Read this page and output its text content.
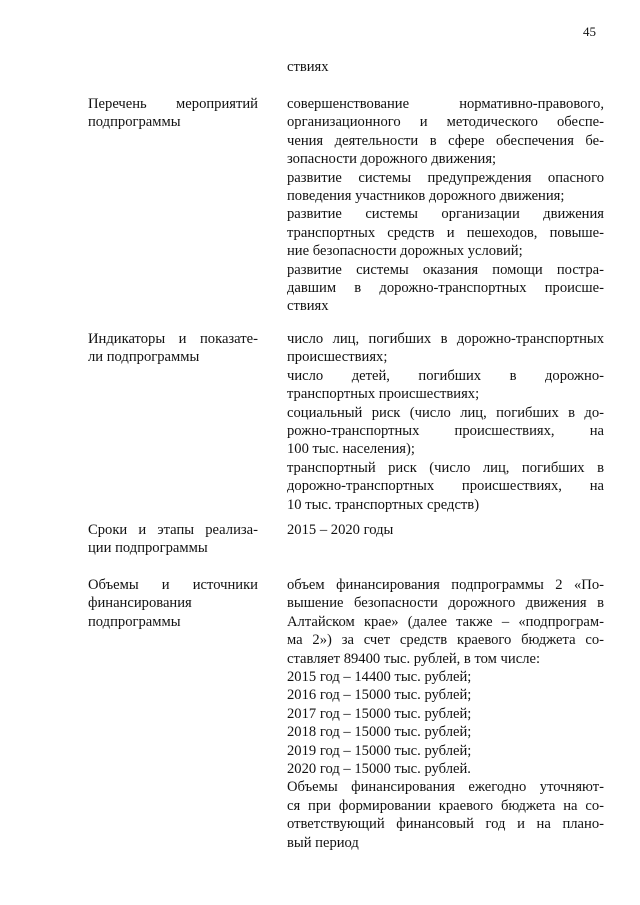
45
ствиях
Перечень мероприятий
подпрограммы

совершенствование нормативно-правового,
организационного и методического обеспе-
чения деятельности в сфере обеспечения бе-
зопасности дорожного движения;

развитие системы предупреждения опасного
поведения участников дорожного движения;

развитие системы организации движения
транспортных средств и пешеходов, повыше-
ние безопасности дорожных условий;

развитие системы оказания помощи постра-
давшим в дорожно-транспортных происше-
ствиях

Индикаторы и показате-
ли подпрограммы

число лиц, погибших в дорожно-транспортных
происшествиях;

число детей, погибших в дорожно-
транспортных происшествиях;

социальный риск (число лиц, погибших в до-
рожно-транспортных происшествиях, на
100 тыс. населения);

транспортный риск (число лиц, погибших в
дорожно-транспортных происшествиях, на
10 тыс. транспортных средств)

Сроки и этапы реализа-
ции подпрограммы

2015 – 2020 годы

Объемы и источники
финансирования
подпрограммы

объем финансирования подпрограммы 2 «По-
вышение безопасности дорожного движения в
Алтайском крае» (далее также – «подпрограм-
ма 2») за счет средств краевого бюджета со-
ставляет 89400 тыс. рублей, в том числе:

2015 год – 14400 тыс. рублей;

2016 год – 15000 тыс. рублей;

2017 год – 15000 тыс. рублей;

2018 год – 15000 тыс. рублей;

2019 год – 15000 тыс. рублей;

2020 год – 15000 тыс. рублей.

Объемы финансирования ежегодно уточняют-
ся при формировании краевого бюджета на со-
ответствующий финансовый год и на плано-
вый период
